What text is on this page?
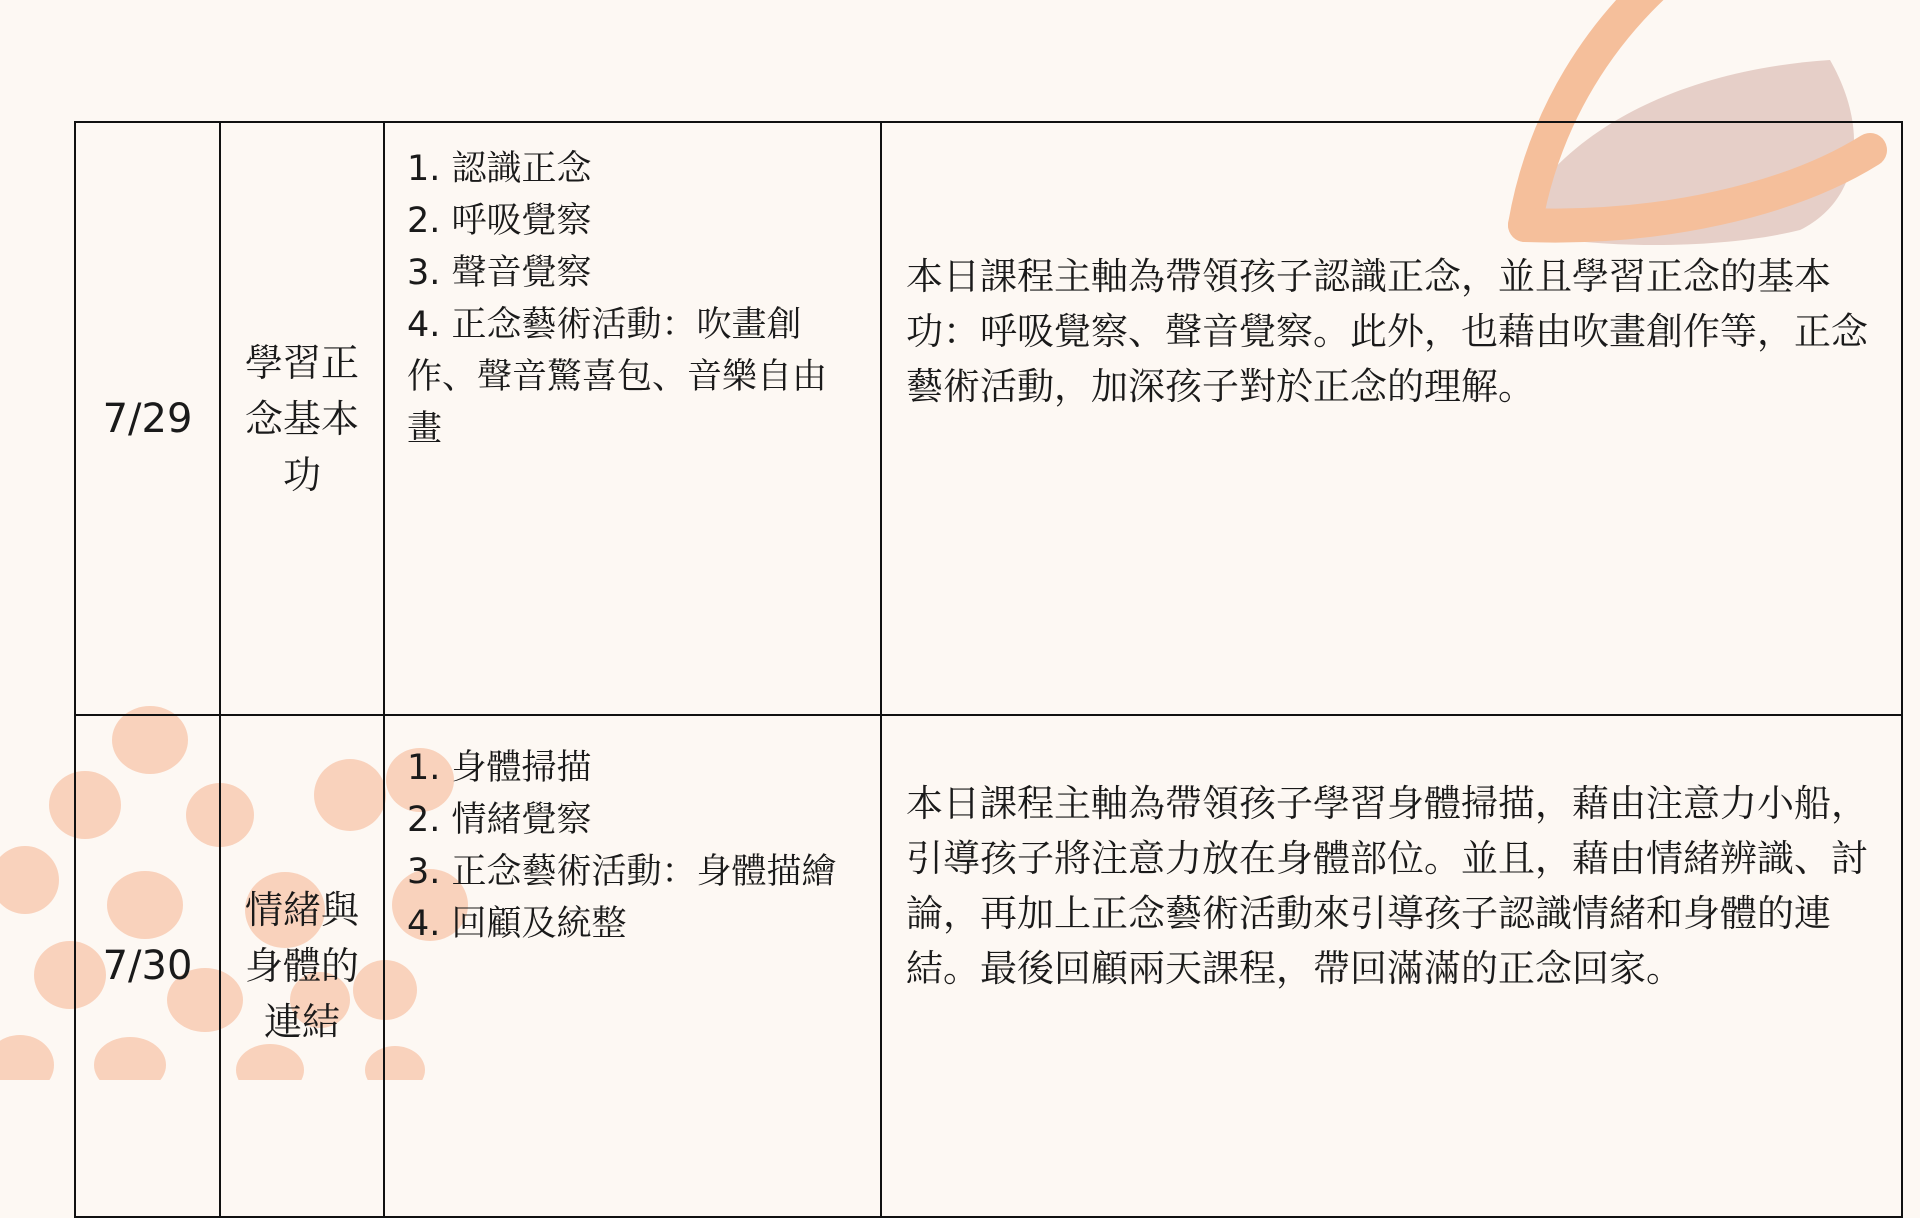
7/29	學習正念基本功	1. 認識正念
2. 呼吸覺察
3. 聲音覺察
4. 正念藝術活動：吹畫創作、聲音驚喜包、音樂自由畫	本日課程主軸為帶領孩子認識正念，並且學習正念的基本功：呼吸覺察、聲音覺察。此外，也藉由吹畫創作等，正念藝術活動，加深孩子對於正念的理解。
7/30	情緒與身體的連結	1. 身體掃描
2. 情緒覺察
3. 正念藝術活動：身體描繪
4. 回顧及統整	本日課程主軸為帶領孩子學習身體掃描，藉由注意力小船，引導孩子將注意力放在身體部位。並且，藉由情緒辨識、討論，再加上正念藝術活動來引導孩子認識情緒和身體的連結。最後回顧兩天課程，帶回滿滿的正念回家。
